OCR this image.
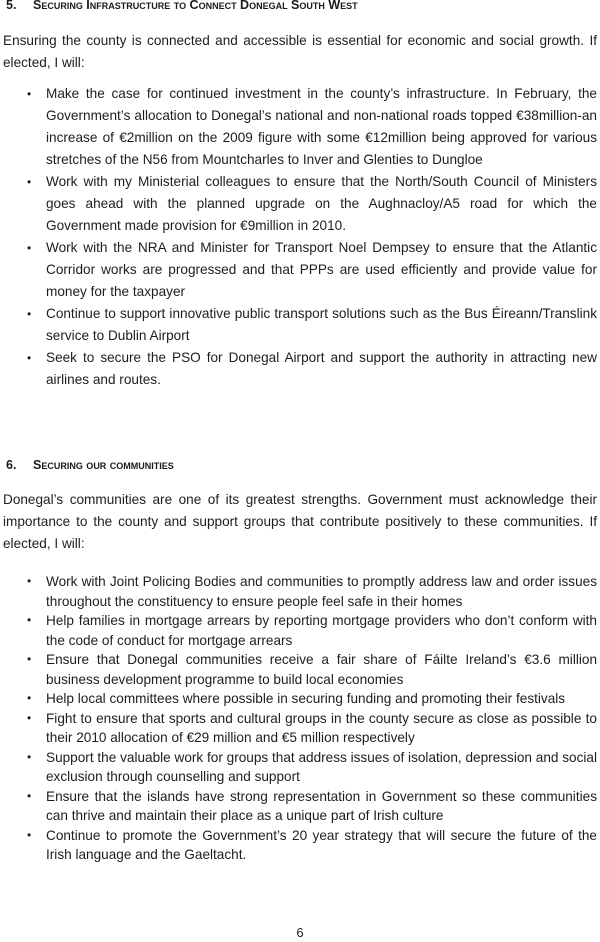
5. Securing Infrastructure to Connect Donegal South West

Ensuring the county is connected and accessible is essential for economic and social growth. If elected, I will:

• Make the case for continued investment in the county’s infrastructure. In February, the Government’s allocation to Donegal’s national and non-national roads topped €38million-an increase of €2million on the 2009 figure with some €12million being approved for various stretches of the N56 from Mountcharles to Inver and Glenties to Dungloe
• Work with my Ministerial colleagues to ensure that the North/South Council of Ministers goes ahead with the planned upgrade on the Aughnacloy/A5 road for which the Government made provision for €9million in 2010.
• Work with the NRA and Minister for Transport Noel Dempsey to ensure that the Atlantic Corridor works are progressed and that PPPs are used efficiently and provide value for money for the taxpayer
• Continue to support innovative public transport solutions such as the Bus Éireann/Translink service to Dublin Airport
• Seek to secure the PSO for Donegal Airport and support the authority in attracting new airlines and routes.
6. Securing our communities

Donegal’s communities are one of its greatest strengths. Government must acknowledge their importance to the county and support groups that contribute positively to these communities. If elected, I will:

• Work with Joint Policing Bodies and communities to promptly address law and order issues throughout the constituency to ensure people feel safe in their homes
• Help families in mortgage arrears by reporting mortgage providers who don’t conform with the code of conduct for mortgage arrears
• Ensure that Donegal communities receive a fair share of Fáilte Ireland’s €3.6 million business development programme to build local economies
• Help local committees where possible in securing funding and promoting their festivals
• Fight to ensure that sports and cultural groups in the county secure as close as possible to their 2010 allocation of €29 million and €5 million respectively
• Support the valuable work for groups that address issues of isolation, depression and social exclusion through counselling and support
• Ensure that the islands have strong representation in Government so these communities can thrive and maintain their place as a unique part of Irish culture
• Continue to promote the Government’s 20 year strategy that will secure the future of the Irish language and the Gaeltacht.
6
